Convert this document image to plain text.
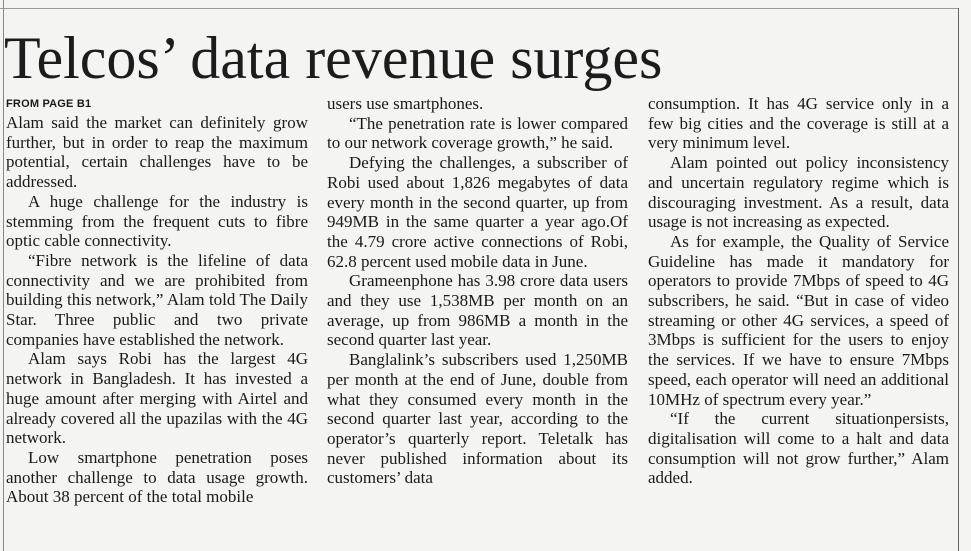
Telcos’ data revenue surges
FROM PAGE B1

Alam said the market can definitely grow further, but in order to reap the maximum potential, certain challenges have to be addressed.

A huge challenge for the industry is stemming from the frequent cuts to fibre optic cable connectivity.

“Fibre network is the lifeline of data connectivity and we are prohibited from building this network,” Alam told The Daily Star. Three public and two private companies have established the network.

Alam says Robi has the largest 4G network in Bangladesh. It has invested a huge amount after merging with Airtel and already covered all the upazilas with the 4G network.

Low smartphone penetration poses another challenge to data usage growth. About 38 percent of the total mobile

users use smartphones.

“The penetration rate is lower compared to our network coverage growth,” he said.

Defying the challenges, a subscriber of Robi used about 1,826 megabytes of data every month in the second quarter, up from 949MB in the same quarter a year ago.Of the 4.79 crore active connections of Robi, 62.8 percent used mobile data in June.

Grameenphone has 3.98 crore data users and they use 1,538MB per month on an average, up from 986MB a month in the second quarter last year.

Banglalink’s subscribers used 1,250MB per month at the end of June, double from what they consumed every month in the second quarter last year, according to the operator’s quarterly report. Teletalk has never published information about its customers’ data

consumption. It has 4G service only in a few big cities and the coverage is still at a very minimum level.

Alam pointed out policy inconsistency and uncertain regulatory regime which is discouraging investment. As a result, data usage is not increasing as expected.

As for example, the Quality of Service Guideline has made it mandatory for operators to provide 7Mbps of speed to 4G subscribers, he said. “But in case of video streaming or other 4G services, a speed of 3Mbps is sufficient for the users to enjoy the services. If we have to ensure 7Mbps speed, each operator will need an additional 10MHz of spectrum every year.”

“If the current situationpersists, digitalisation will come to a halt and data consumption will not grow further,” Alam added.
